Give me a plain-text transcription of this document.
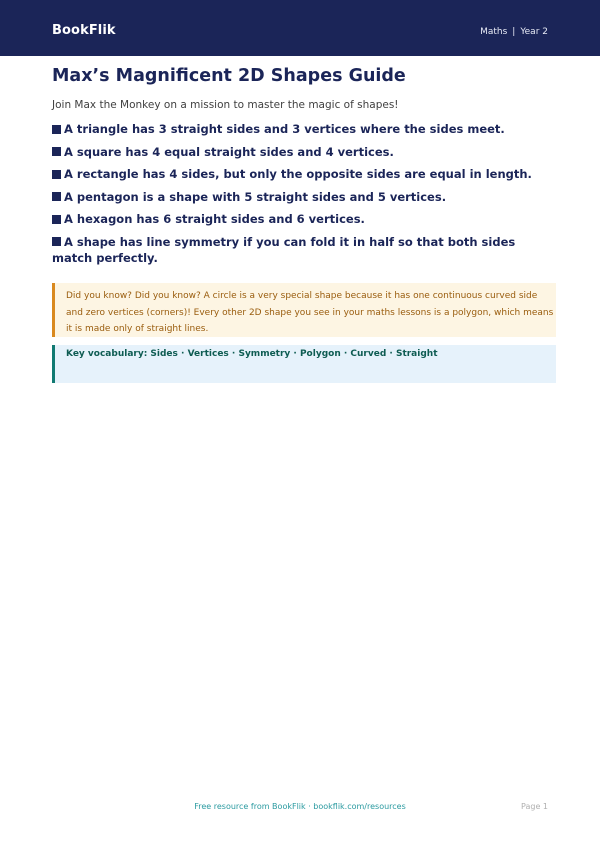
BookFlik	Maths | Year 2
Max’s Magnificent 2D Shapes Guide

Join Max the Monkey on a mission to master the magic of shapes!

A triangle has 3 straight sides and 3 vertices where the sides meet.
A square has 4 equal straight sides and 4 vertices.
A rectangle has 4 sides, but only the opposite sides are equal in length.
A pentagon is a shape with 5 straight sides and 5 vertices.
A hexagon has 6 straight sides and 6 vertices.
A shape has line symmetry if you can fold it in half so that both sides match perfectly.

Did you know? Did you know? A circle is a very special shape because it has one continuous curved side and zero vertices (corners)! Every other 2D shape you see in your maths lessons is a polygon, which means it is made only of straight lines.

Key vocabulary: Sides · Vertices · Symmetry · Polygon · Curved · Straight

Free resource from BookFlik · bookflik.com/resources	Page 1
